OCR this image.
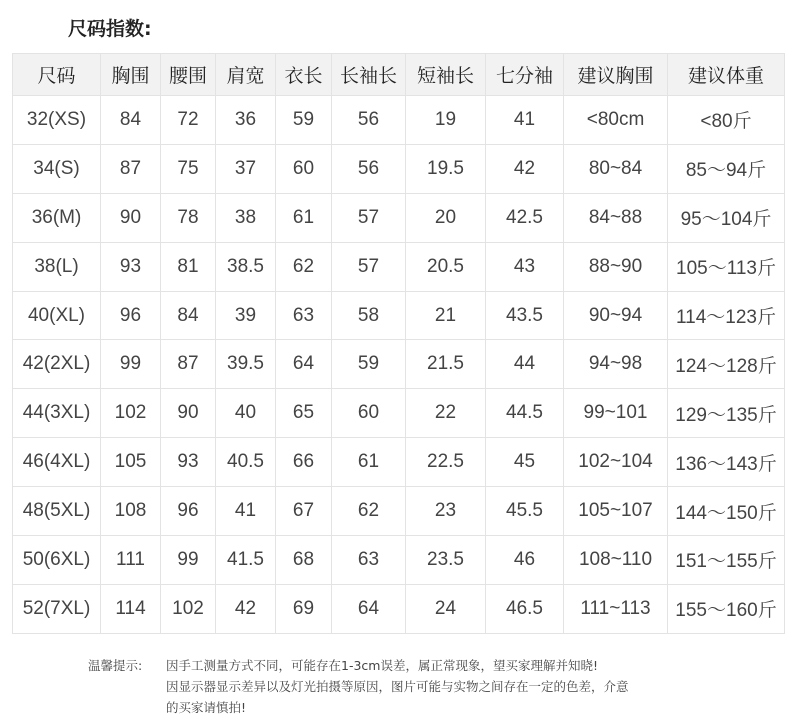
尺码指数:
尺码	胸围	腰围	肩宽	衣长	长袖长	短袖长	七分袖	建议胸围	建议体重
32(XS)	84	72	36	59	56	19	41	<80cm	<80斤
34(S)	87	75	37	60	56	19.5	42	80~84	85～94斤
36(M)	90	78	38	61	57	20	42.5	84~88	95～104斤
38(L)	93	81	38.5	62	57	20.5	43	88~90	105～113斤
40(XL)	96	84	39	63	58	21	43.5	90~94	114～123斤
42(2XL)	99	87	39.5	64	59	21.5	44	94~98	124～128斤
44(3XL)	102	90	40	65	60	22	44.5	99~101	129～135斤
46(4XL)	105	93	40.5	66	61	22.5	45	102~104	136～143斤
48(5XL)	108	96	41	67	62	23	45.5	105~107	144～150斤
50(6XL)	111	99	41.5	68	63	23.5	46	108~110	151～155斤
52(7XL)	114	102	42	69	64	24	46.5	111~113	155～160斤
温馨提示: 因手工测量方式不同，可能存在1-3cm误差，属正常现象，望买家理解并知晓!
因显示器显示差异以及灯光拍摄等原因，图片可能与实物之间存在一定的色差，介意
的买家请慎拍!
